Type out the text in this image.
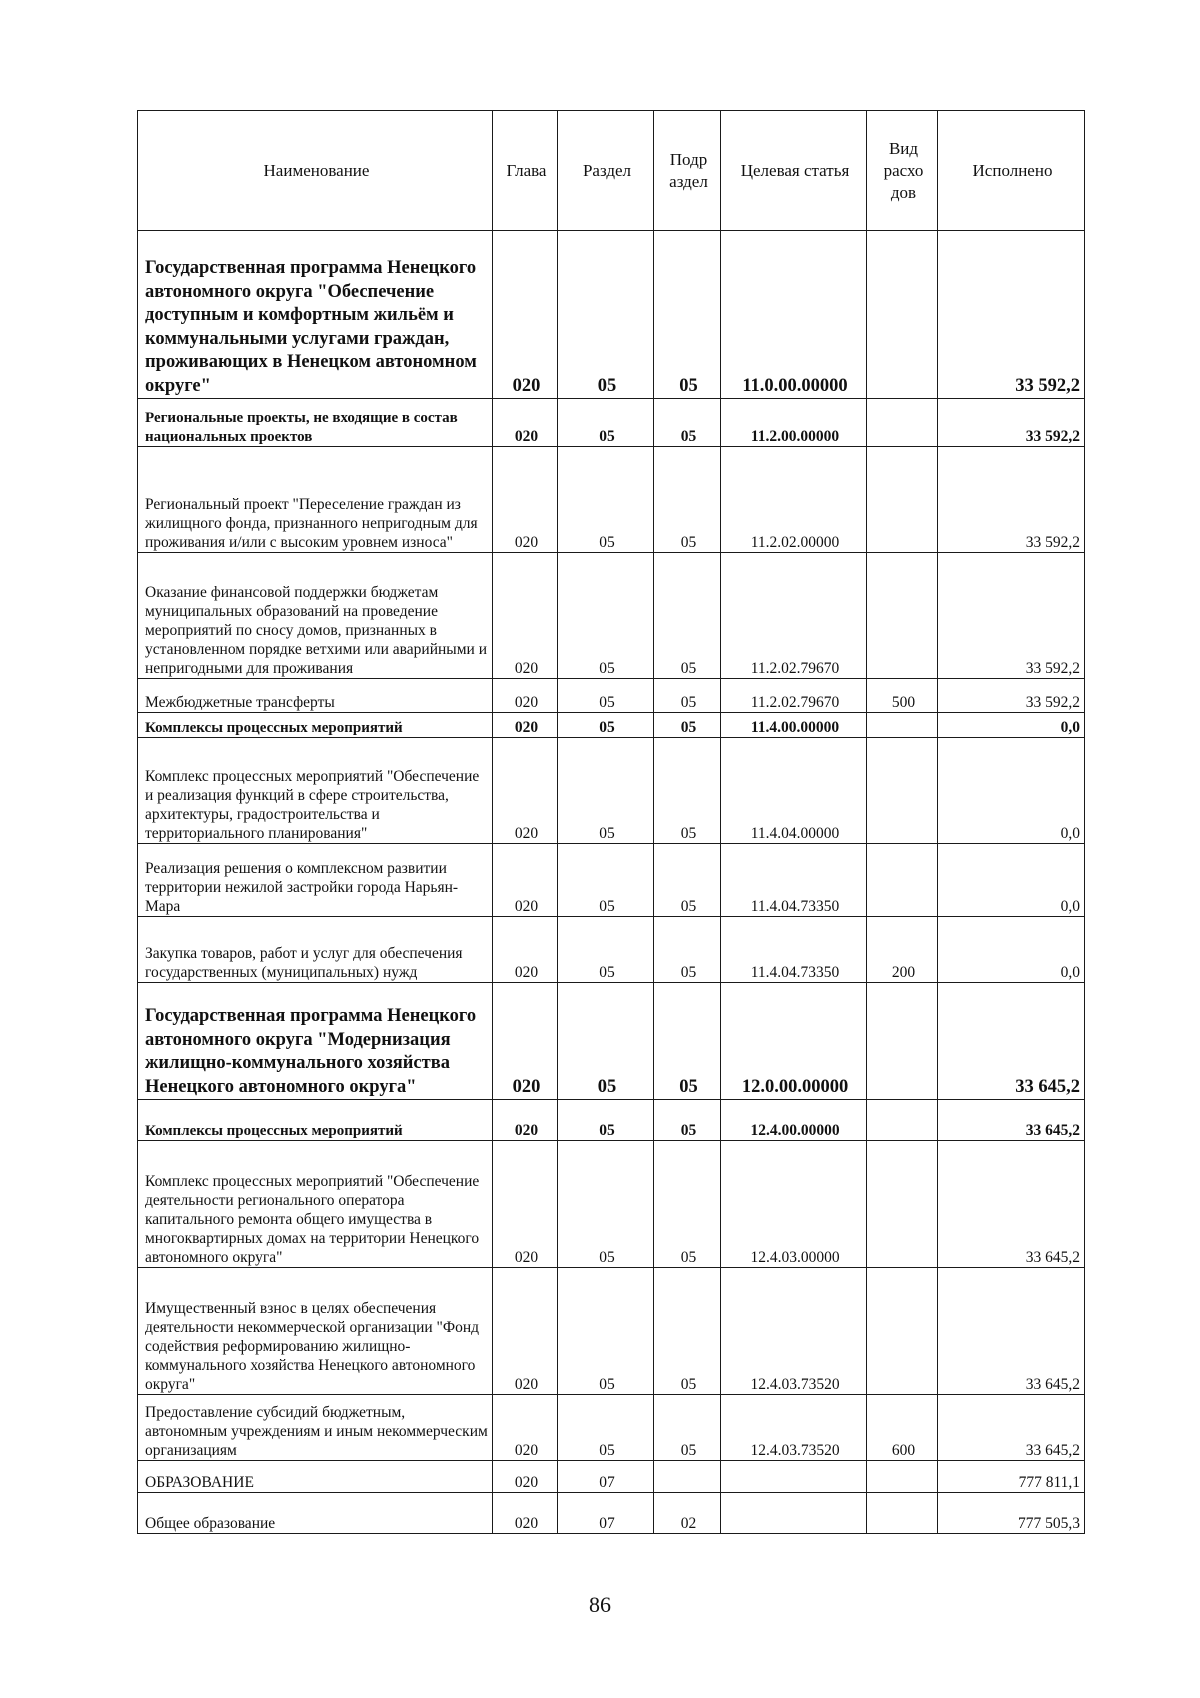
Наименование	Глава	Раздел	Подр аздел	Целевая статья	Вид расхо дов	Исполнено
Государственная программа Ненецкого автономного округа "Обеспечение доступным и комфортным жильём и коммунальными услугами граждан, проживающих в Ненецком автономном округе"	020	05	05	11.0.00.00000		33 592,2
Региональные проекты, не входящие в состав национальных проектов	020	05	05	11.2.00.00000		33 592,2
Региональный проект "Переселение граждан из жилищного фонда, признанного непригодным для проживания и/или с высоким уровнем износа"	020	05	05	11.2.02.00000		33 592,2
Оказание финансовой поддержки бюджетам муниципальных образований на проведение мероприятий по сносу домов, признанных в установленном порядке ветхими или аварийными и непригодными для проживания	020	05	05	11.2.02.79670		33 592,2
Межбюджетные трансферты	020	05	05	11.2.02.79670	500	33 592,2
Комплексы процессных мероприятий	020	05	05	11.4.00.00000		0,0
Комплекс процессных мероприятий "Обеспечение и реализация функций в сфере строительства, архитектуры, градостроительства и территориального планирования"	020	05	05	11.4.04.00000		0,0
Реализация решения о комплексном развитии территории нежилой застройки города Нарьян-Мара	020	05	05	11.4.04.73350		0,0
Закупка товаров, работ и услуг для обеспечения государственных (муниципальных) нужд	020	05	05	11.4.04.73350	200	0,0
Государственная программа Ненецкого автономного округа "Модернизация жилищно-коммунального хозяйства Ненецкого автономного округа"	020	05	05	12.0.00.00000		33 645,2
Комплексы процессных мероприятий	020	05	05	12.4.00.00000		33 645,2
Комплекс процессных мероприятий "Обеспечение деятельности регионального оператора капитального ремонта общего имущества в многоквартирных домах на территории Ненецкого автономного округа"	020	05	05	12.4.03.00000		33 645,2
Имущественный взнос в целях обеспечения деятельности некоммерческой организации "Фонд содействия реформированию жилищно-коммунального хозяйства Ненецкого автономного округа"	020	05	05	12.4.03.73520		33 645,2
Предоставление субсидий бюджетным, автономным учреждениям и иным некоммерческим организациям	020	05	05	12.4.03.73520	600	33 645,2
ОБРАЗОВАНИЕ	020	07				777 811,1
Общее образование	020	07	02			777 505,3
86
